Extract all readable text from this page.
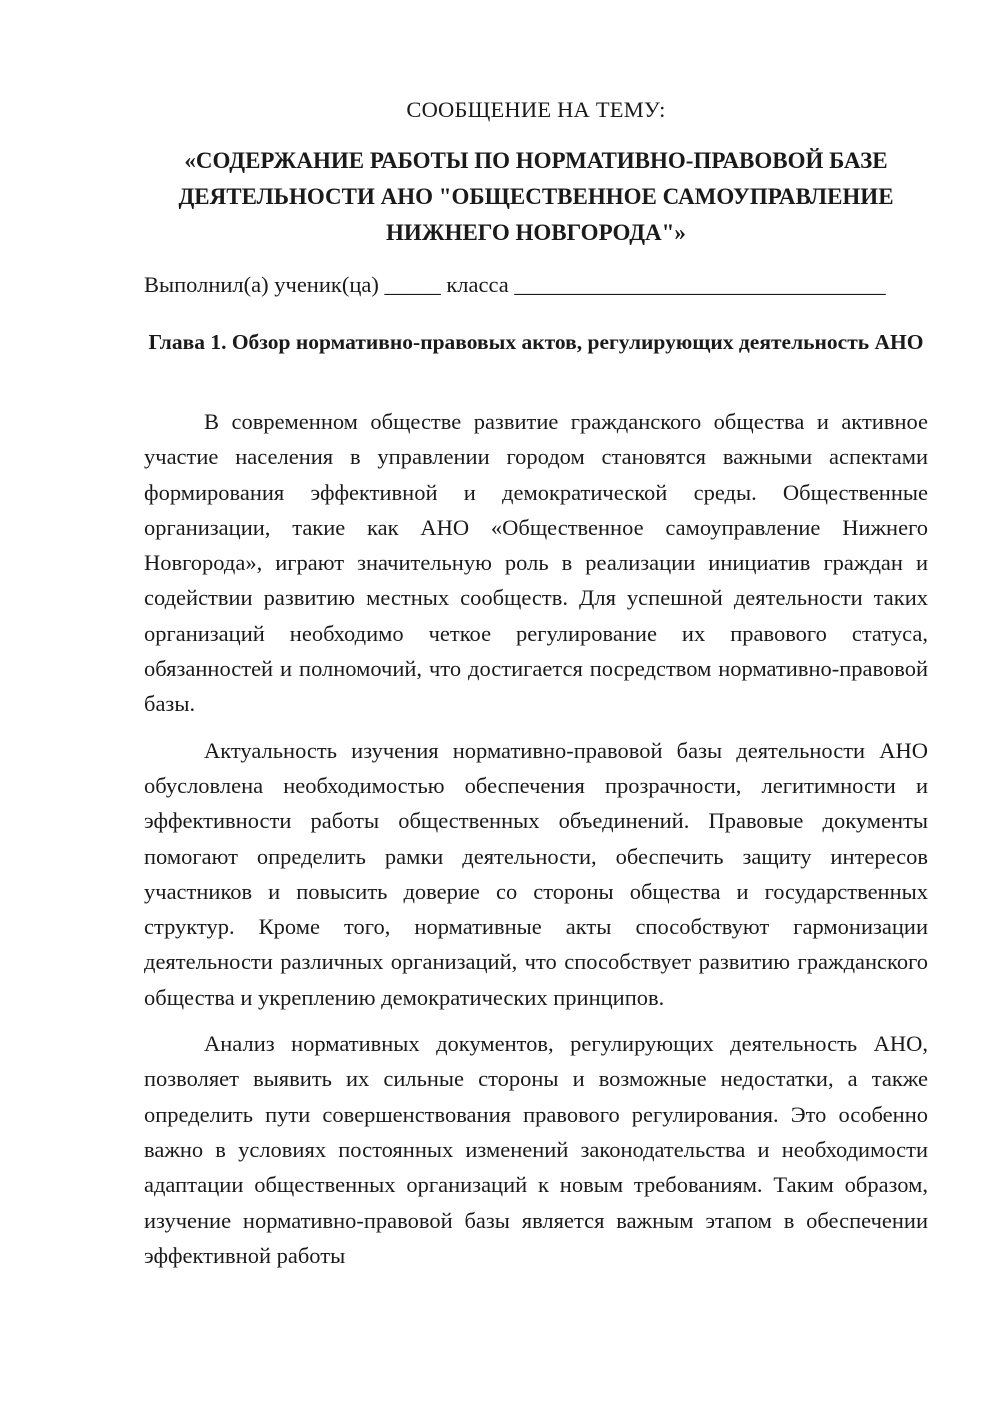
СООБЩЕНИЕ НА ТЕМУ:
«СОДЕРЖАНИЕ РАБОТЫ ПО НОРМАТИВНО-ПРАВОВОЙ БАЗЕ ДЕЯТЕЛЬНОСТИ АНО "ОБЩЕСТВЕННОЕ САМОУПРАВЛЕНИЕ НИЖНЕГО НОВГОРОДА"»
Выполнил(а) ученик(ца) _____ класса _________________________________
Глава 1. Обзор нормативно-правовых актов, регулирующих деятельность АНО

В современном обществе развитие гражданского общества и активное участие населения в управлении городом становятся важными аспектами формирования эффективной и демократической среды. Общественные организации, такие как АНО «Общественное самоуправление Нижнего Новгорода», играют значительную роль в реализации инициатив граждан и содействии развитию местных сообществ. Для успешной деятельности таких организаций необходимо четкое регулирование их правового статуса, обязанностей и полномочий, что достигается посредством нормативно-правовой базы.

Актуальность изучения нормативно-правовой базы деятельности АНО обусловлена необходимостью обеспечения прозрачности, легитимности и эффективности работы общественных объединений. Правовые документы помогают определить рамки деятельности, обеспечить защиту интересов участников и повысить доверие со стороны общества и государственных структур. Кроме того, нормативные акты способствуют гармонизации деятельности различных организаций, что способствует развитию гражданского общества и укреплению демократических принципов.

Анализ нормативных документов, регулирующих деятельность АНО, позволяет выявить их сильные стороны и возможные недостатки, а также определить пути совершенствования правового регулирования. Это особенно важно в условиях постоянных изменений законодательства и необходимости адаптации общественных организаций к новым требованиям. Таким образом, изучение нормативно-правовой базы является важным этапом в обеспечении эффективной работы
